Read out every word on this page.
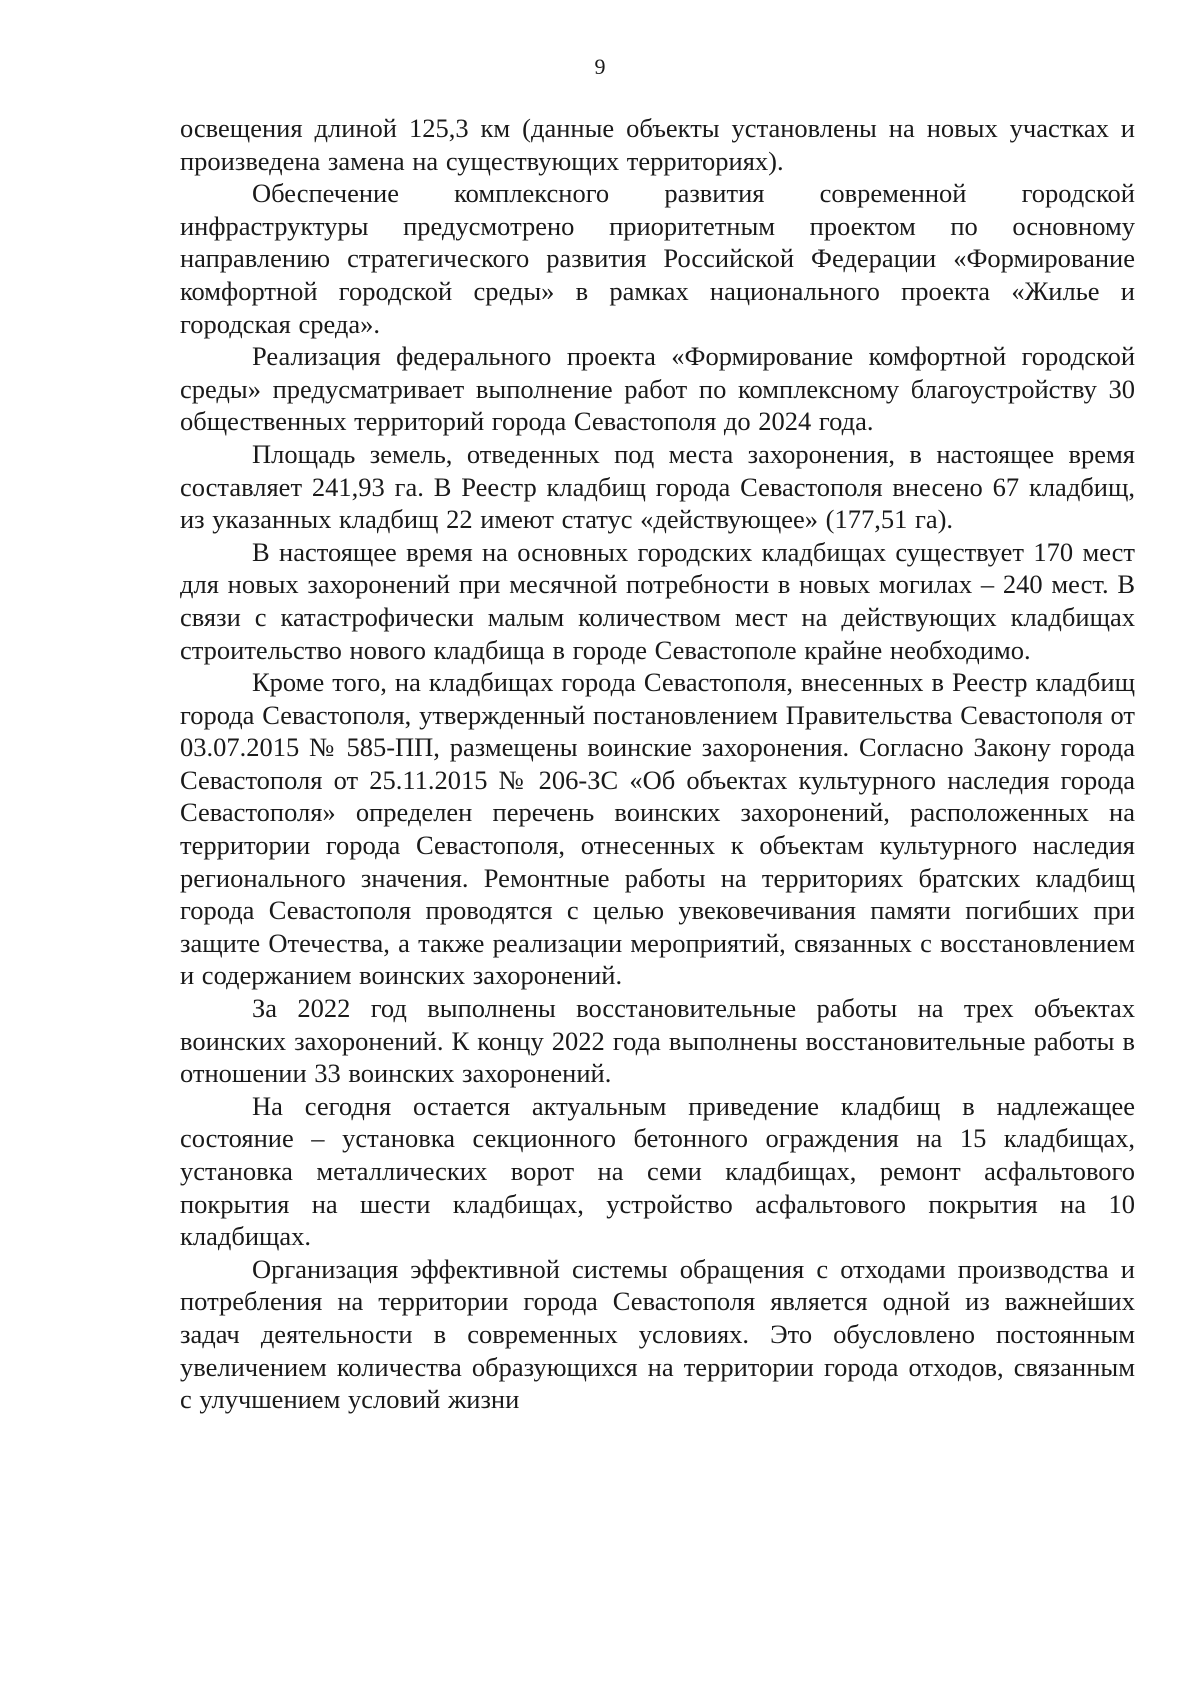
9

освещения длиной 125,3 км (данные объекты установлены на новых участках и произведена замена на существующих территориях).

Обеспечение комплексного развития современной городской инфраструктуры предусмотрено приоритетным проектом по основному направлению стратегического развития Российской Федерации «Формирование комфортной городской среды» в рамках национального проекта «Жилье и городская среда».

Реализация федерального проекта «Формирование комфортной городской среды» предусматривает выполнение работ по комплексному благоустройству 30 общественных территорий города Севастополя до 2024 года.

Площадь земель, отведенных под места захоронения, в настоящее время составляет 241,93 га. В Реестр кладбищ города Севастополя внесено 67 кладбищ, из указанных кладбищ 22 имеют статус «действующее» (177,51 га).

В настоящее время на основных городских кладбищах существует 170 мест для новых захоронений при месячной потребности в новых могилах – 240 мест. В связи с катастрофически малым количеством мест на действующих кладбищах строительство нового кладбища в городе Севастополе крайне необходимо.

Кроме того, на кладбищах города Севастополя, внесенных в Реестр кладбищ города Севастополя, утвержденный постановлением Правительства Севастополя от 03.07.2015 № 585-ПП, размещены воинские захоронения. Согласно Закону города Севастополя от 25.11.2015 № 206-ЗС «Об объектах культурного наследия города Севастополя» определен перечень воинских захоронений, расположенных на территории города Севастополя, отнесенных к объектам культурного наследия регионального значения. Ремонтные работы на территориях братских кладбищ города Севастополя проводятся с целью увековечивания памяти погибших при защите Отечества, а также реализации мероприятий, связанных с восстановлением и содержанием воинских захоронений.

За 2022 год выполнены восстановительные работы на трех объектах воинских захоронений. К концу 2022 года выполнены восстановительные работы в отношении 33 воинских захоронений.

На сегодня остается актуальным приведение кладбищ в надлежащее состояние – установка секционного бетонного ограждения на 15 кладбищах, установка металлических ворот на семи кладбищах, ремонт асфальтового покрытия на шести кладбищах, устройство асфальтового покрытия на 10 кладбищах.

Организация эффективной системы обращения с отходами производства и потребления на территории города Севастополя является одной из важнейших задач деятельности в современных условиях. Это обусловлено постоянным увеличением количества образующихся на территории города отходов, связанным с улучшением условий жизни
